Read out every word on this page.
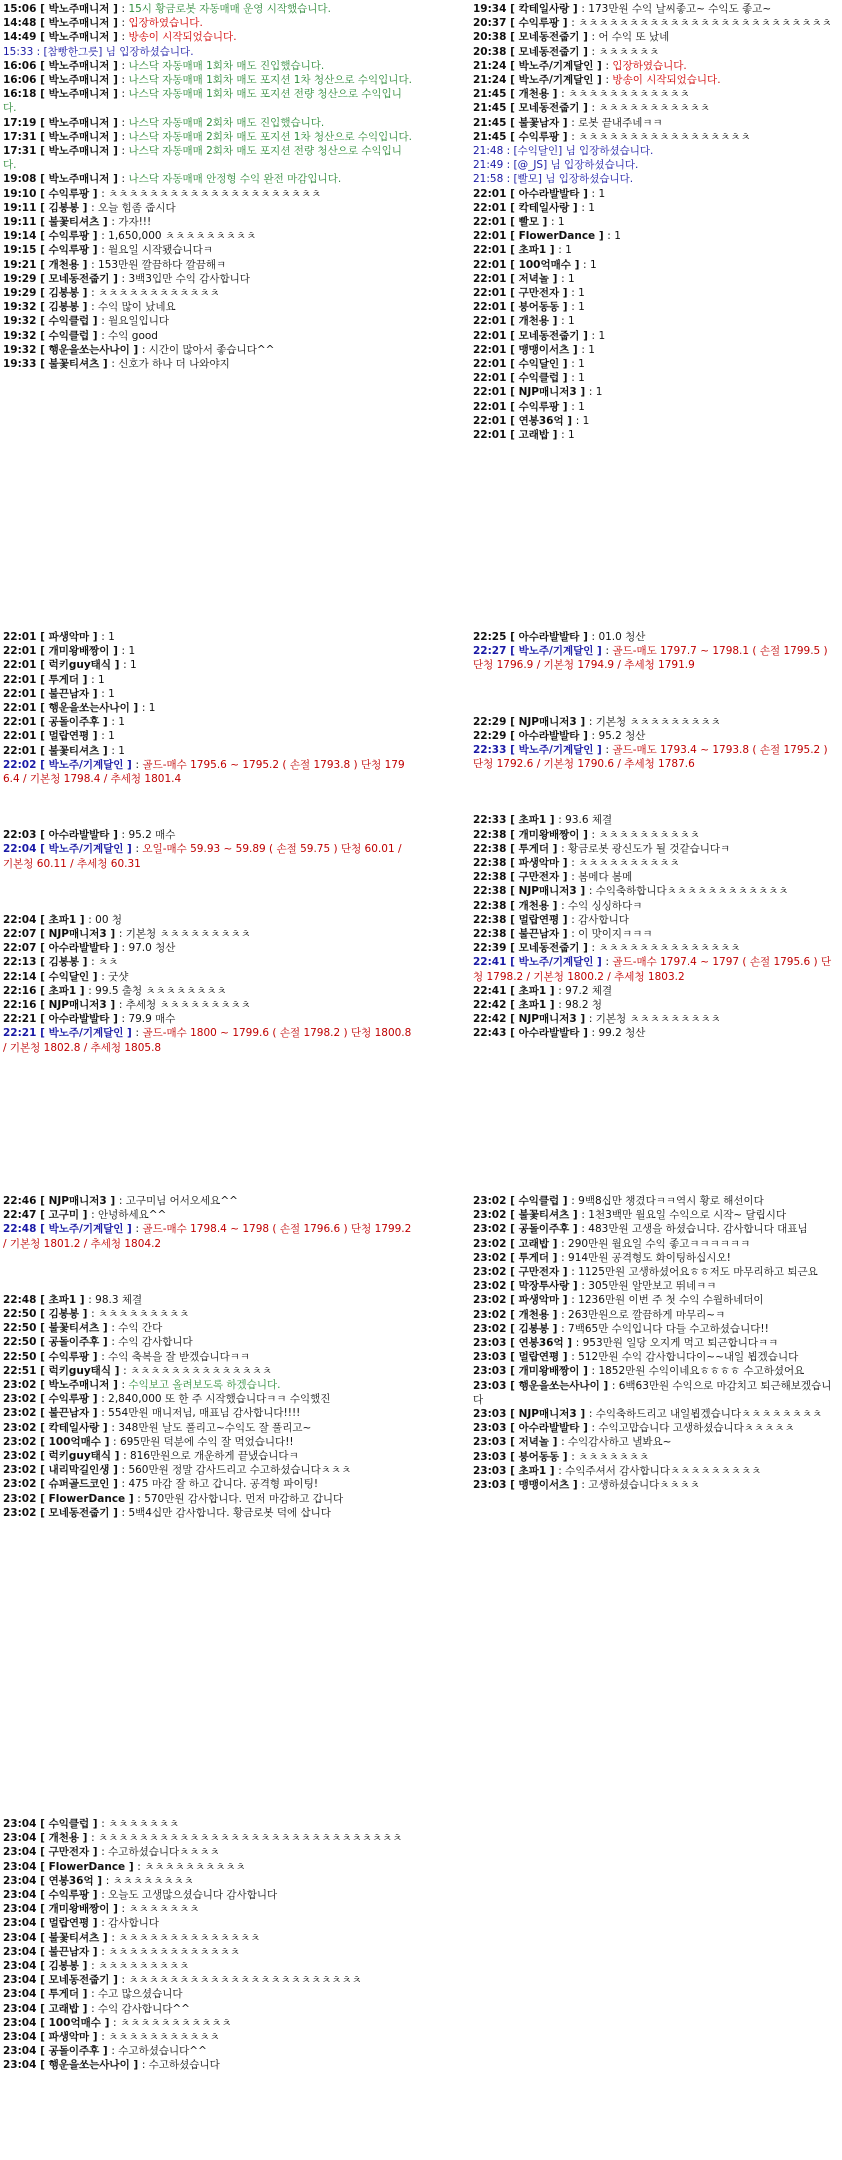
15:06 [ 박노주매니저 ] : 15시 황금로봇 자동매매 운영 시작했습니다.
14:48 [ 박노주매니저 ] : 입장하였습니다.
14:49 [ 박노주매니저 ] : 방송이 시작되었습니다.
15:33 : [참빵한그릇] 님 입장하셨습니다.
16:06 [ 박노주매니저 ] : 나스닥 자동매매 1회차 매도 진입했습니다.
16:06 [ 박노주매니저 ] : 나스닥 자동매매 1회차 매도 포지션 1차 청산으로 수익입니다.
16:18 [ 박노주매니저 ] : 나스닥 자동매매 1회차 매도 포지션 전량 청산으로 수익입니다.
17:19 [ 박노주매니저 ] : 나스닥 자동매매 2회차 매도 진입했습니다.
17:31 [ 박노주매니저 ] : 나스닥 자동매매 2회차 매도 포지션 1차 청산으로 수익입니다.
17:31 [ 박노주매니저 ] : 나스닥 자동매매 2회차 매도 포지션 전량 청산으로 수익입니다.
19:08 [ 박노주매니저 ] : 나스닥 자동매매 안정형 수익 완전 마감입니다.
19:10 [ 수익루팡 ] : ㅊㅊㅊㅊㅊㅊㅊㅊㅊㅊㅊㅊㅊㅊㅊㅊㅊㅊㅊㅊㅊ
19:11 [ 김봉봉 ] : 오늘 힘좀 줍시다
19:11 [ 불꽃티셔츠 ] : 가자!!!
19:14 [ 수익루팡 ] : 1,650,000 ㅊㅊㅊㅊㅊㅊㅊㅊㅊ
19:15 [ 수익루팡 ] : 월요일 시작됐습니다ㅋ
19:21 [ 개천용 ] : 153만원 깔끔하다 깔끔해ㅋ
19:29 [ 모네동전줍기 ] : 3백3입만 수익 감사합니다
19:29 [ 김봉봉 ] : ㅊㅊㅊㅊㅊㅊㅊㅊㅊㅊㅊㅊ
19:32 [ 김봉봉 ] : 수익 많이 났네요
19:32 [ 수익클럽 ] : 월요일입니다
19:32 [ 수익클럽 ] : 수익 good
19:32 [ 행운을쏘는사나이 ] : 시간이 많아서 좋습니다^^
19:33 [ 불꽃티셔츠 ] : 신호가 하나 더 나와야지
19:34 [ 칵테일사랑 ] : 173만원 수익 날씨좋고~ 수익도 좋고~
20:37 [ 수익루팡 ] : ㅊㅊㅊㅊㅊㅊㅊㅊㅊㅊㅊㅊㅊㅊㅊㅊㅊㅊㅊㅊㅊㅊㅊㅊㅊ
20:38 [ 모네동전줍기 ] : 어 수익 또 났네
20:38 [ 모네동전줍기 ] : ㅊㅊㅊㅊㅊㅊ
21:24 [ 박노주/기계달인 ] : 입장하였습니다.
21:24 [ 박노주/기계달인 ] : 방송이 시작되었습니다.
21:45 [ 개천용 ] : ㅊㅊㅊㅊㅊㅊㅊㅊㅊㅊㅊㅊ
21:45 [ 모네동전줍기 ] : ㅊㅊㅊㅊㅊㅊㅊㅊㅊㅊㅊ
21:45 [ 불꽃남자 ] : 로봇 끝내주네ㅋㅋ
21:45 [ 수익루팡 ] : ㅊㅊㅊㅊㅊㅊㅊㅊㅊㅊㅊㅊㅊㅊㅊㅊㅊ
21:48 : [수익달인] 님 입장하셨습니다.
21:49 : [@_JS] 님 입장하셨습니다.
21:58 : [빨모] 님 입장하셨습니다.
22:01 [ 아수라발발타 ] : 1
22:01 [ 칵테일사랑 ] : 1
22:01 [ 빨모 ] : 1
22:01 [ FlowerDance ] : 1
22:01 [ 초파1 ] : 1
22:01 [ 100억매수 ] : 1
22:01 [ 저녁놀 ] : 1
22:01 [ 구만전자 ] : 1
22:01 [ 붕어동동 ] : 1
22:01 [ 개천용 ] : 1
22:01 [ 모네동전줍기 ] : 1
22:01 [ 맹맹이서츠 ] : 1
22:01 [ 수익달인 ] : 1
22:01 [ 수익클럽 ] : 1
22:01 [ NJP매니저3 ] : 1
22:01 [ 수익루팡 ] : 1
22:01 [ 연봉36억 ] : 1
22:01 [ 고래밥 ] : 1
22:01 [ 파생악마 ] : 1
22:01 [ 개미왕배짱이 ] : 1
22:01 [ 럭키guy태식 ] : 1
22:01 [ 투게더 ] : 1
22:01 [ 불끈남자 ] : 1
22:01 [ 행운을쏘는사나이 ] : 1
22:01 [ 공돌이주후 ] : 1
22:01 [ 멀랍연평 ] : 1
22:01 [ 불꽃티셔츠 ] : 1
22:02 [ 박노주/기계달인 ] : 골드-매수 1795.6 ~ 1795.2 ( 손절 1793.8 ) 단청 1796.4 / 기본청 1798.4 / 추세청 1801.4
22:03 [ 아수라발발타 ] : 95.2 매수
22:04 [ 박노주/기계달인 ] : 오일-매수 59.93 ~ 59.89 ( 손절 59.75 ) 단청 60.01 / 기본청 60.11 / 추세청 60.31
22:04 [ 초파1 ] : 00 청
22:07 [ NJP매니저3 ] : 기본청 ㅊㅊㅊㅊㅊㅊㅊㅊㅊ
22:07 [ 아수라발발타 ] : 97.0 청산
22:13 [ 김봉봉 ] : ㅊㅊ
22:14 [ 수익달인 ] : 굿샷
22:16 [ 초파1 ] : 99.5 출청 ㅊㅊㅊㅊㅊㅊㅊㅊ
22:16 [ NJP매니저3 ] : 추세청 ㅊㅊㅊㅊㅊㅊㅊㅊㅊ
22:21 [ 아수라발발타 ] : 79.9 매수
22:21 [ 박노주/기계달인 ] : 골드-매수 1800 ~ 1799.6 ( 손절 1798.2 ) 단청 1800.8 / 기본청 1802.8 / 추세청 1805.8
22:25 [ 아수라발발타 ] : 01.0 청산
22:27 [ 박노주/기계달인 ] : 골드-매도 1797.7 ~ 1798.1 ( 손절 1799.5 ) 단청 1796.9 / 기본청 1794.9 / 추세청 1791.9
22:29 [ NJP매니저3 ] : 기본청 ㅊㅊㅊㅊㅊㅊㅊㅊㅊ
22:29 [ 아수라발발타 ] : 95.2 청산
22:33 [ 박노주/기계달인 ] : 골드-매도 1793.4 ~ 1793.8 ( 손절 1795.2 ) 단청 1792.6 / 기본청 1790.6 / 추세청 1787.6
22:33 [ 초파1 ] : 93.6 체결
22:38 [ 개미왕배짱이 ] : ㅊㅊㅊㅊㅊㅊㅊㅊㅊㅊ
22:38 [ 투게더 ] : 황금로봇 광신도가 될 것같습니다ㅋ
22:38 [ 파생악마 ] : ㅊㅊㅊㅊㅊㅊㅊㅊㅊㅊ
22:38 [ 구만전자 ] : 봄메다 봄메
22:38 [ NJP매니저3 ] : 수익축하합니다ㅊㅊㅊㅊㅊㅊㅊㅊㅊㅊㅊㅊ
22:38 [ 개천용 ] : 수익 싱싱하다ㅋ
22:38 [ 멀랍연평 ] : 감사합니다
22:38 [ 불끈남자 ] : 이 맛이지ㅋㅋㅋ
22:39 [ 모네동전줍기 ] : ㅊㅊㅊㅊㅊㅊㅊㅊㅊㅊㅊㅊㅊㅊ
22:41 [ 박노주/기계달인 ] : 골드-매수 1797.4 ~ 1797 ( 손절 1795.6 ) 단청 1798.2 / 기본청 1800.2 / 추세청 1803.2
22:41 [ 초파1 ] : 97.2 체결
22:42 [ 초파1 ] : 98.2 청
22:42 [ NJP매니저3 ] : 기본청 ㅊㅊㅊㅊㅊㅊㅊㅊㅊ
22:43 [ 아수라발발타 ] : 99.2 청산
22:46 [ NJP매니저3 ] : 고구미님 어서오세요^^
22:47 [ 고구미 ] : 안녕하세요^^
22:48 [ 박노주/기계달인 ] : 골드-매수 1798.4 ~ 1798 ( 손절 1796.6 ) 단청 1799.2 / 기본청 1801.2 / 추세청 1804.2
22:48 [ 초파1 ] : 98.3 체결
22:50 [ 김봉봉 ] : ㅊㅊㅊㅊㅊㅊㅊㅊㅊ
22:50 [ 불꽃티셔츠 ] : 수익 간다
22:50 [ 공돌이주후 ] : 수익 감사합니다
22:50 [ 수익루팡 ] : 수익 축복을 잘 받겠습니다ㅋㅋ
22:51 [ 럭키guy태식 ] : ㅊㅊㅊㅊㅊㅊㅊㅊㅊㅊㅊㅊㅊㅊ
23:02 [ 박노주매니저 ] : 수익보고 올려보도록 하겠습니다.
23:02 [ 수익루팡 ] : 2,840,000 또 한 주 시작했습니다ㅋㅋ 수익했진
23:02 [ 불끈남자 ] : 554만원 매니저님, 매표님 감사합니다!!!!
23:02 [ 칵테일사랑 ] : 348만원 날도 풀리고~수익도 잘 풀리고~
23:02 [ 100억매수 ] : 695만원 덕분에 수익 잘 먹었습니다!!
23:02 [ 럭키guy태식 ] : 816만원으로 개운하게 끝냈습니다ㅋ
23:02 [ 내리막길인생 ] : 560만원 정말 감사드리고 수고하셨습니다ㅊㅊㅊ
23:02 [ 슈퍼골드코인 ] : 475 마감 잘 하고 갑니다. 공격형 파이팅!
23:02 [ FlowerDance ] : 570만원 감사합니다. 먼저 마감하고 갑니다
23:02 [ 모네동전줍기 ] : 5백4십만 감사합니다. 황금로봇 덕에 삽니다
23:02 [ 수익클럽 ] : 9백8십만 챙겼다ㅋㅋ역시 황로 해선이다
23:02 [ 불꽃티셔츠 ] : 1천3백만 월요일 수익으로 시작~ 달립시다
23:02 [ 공돌이주후 ] : 483만원 고생을 하셨습니다. 감사합니다 대표님
23:02 [ 고래밥 ] : 290만원 월요일 수익 좋고ㅋㅋㅋㅋㅋㅋ
23:02 [ 투게더 ] : 914만원 공격형도 화이팅하십시오!
23:02 [ 구만전자 ] : 1125만원 고생하셨어요ㅎㅎ저도 마무리하고 퇴근요
23:02 [ 막장투사랑 ] : 305만원 알만보고 뛰네ㅋㅋ
23:02 [ 파생악마 ] : 1236만원 이번 주 첫 수익 수월하네더이
23:02 [ 개천용 ] : 263만원으로 깔끔하게 마무리~ㅋ
23:02 [ 김봉봉 ] : 7백65만 수익입니다 다들 수고하셨습니다!!
23:03 [ 연봉36억 ] : 953만원 일당 오지게 먹고 퇴근합니다ㅋㅋ
23:03 [ 멀랍연평 ] : 512만원 수익 감사합니다이~~내일 뵙겠습니다
23:03 [ 개미왕배짱이 ] : 1852만원 수익이네요ㅎㅎㅎㅎ 수고하셨어요
23:03 [ 행운을쏘는사나이 ] : 6백63만원 수익으로 마감치고 퇴근해보겠습니다
23:03 [ NJP매니저3 ] : 수익축하드리고 내일뵙겠습니다ㅊㅊㅊㅊㅊㅊㅊㅊ
23:03 [ 아수라발발타 ] : 수익고맙습니다 고생하셨습니다ㅊㅊㅊㅊㅊ
23:03 [ 저녁놀 ] : 수익감사하고 낼봐요~
23:03 [ 붕어동동 ] : ㅊㅊㅊㅊㅊㅊㅊ
23:03 [ 초파1 ] : 수익주셔서 감사합니다ㅊㅊㅊㅊㅊㅊㅊㅊㅊ
23:03 [ 맹맹이서츠 ] : 고생하셨습니다ㅊㅊㅊㅊ
23:04 [ 수익클럽 ] : ㅊㅊㅊㅊㅊㅊㅊ
23:04 [ 개천용 ] : ㅊㅊㅊㅊㅊㅊㅊㅊㅊㅊㅊㅊㅊㅊㅊㅊㅊㅊㅊㅊㅊㅊㅊㅊㅊㅊㅊㅊㅊㅊ
23:04 [ 구만전자 ] : 수고하셨습니다ㅊㅊㅊㅊ
23:04 [ FlowerDance ] : ㅊㅊㅊㅊㅊㅊㅊㅊㅊㅊ
23:04 [ 연봉36억 ] : ㅊㅊㅊㅊㅊㅊㅊㅊ
23:04 [ 수익루팡 ] : 오늘도 고생많으셨습니다 감사합니다
23:04 [ 개미왕배짱이 ] : ㅊㅊㅊㅊㅊㅊㅊ
23:04 [ 멀랍연평 ] : 감사합니다
23:04 [ 불꽃티셔츠 ] : ㅊㅊㅊㅊㅊㅊㅊㅊㅊㅊㅊㅊㅊㅊ
23:04 [ 불끈남자 ] : ㅊㅊㅊㅊㅊㅊㅊㅊㅊㅊㅊㅊㅊ
23:04 [ 김봉봉 ] : ㅊㅊㅊㅊㅊㅊㅊㅊㅊ
23:04 [ 모네동전줍기 ] : ㅊㅊㅊㅊㅊㅊㅊㅊㅊㅊㅊㅊㅊㅊㅊㅊㅊㅊㅊㅊㅊㅊㅊ
23:04 [ 투게더 ] : 수고 많으셨습니다
23:04 [ 고래밥 ] : 수익 감사합니다^^
23:04 [ 100억매수 ] : ㅊㅊㅊㅊㅊㅊㅊㅊㅊㅊㅊ
23:04 [ 파생악마 ] : ㅊㅊㅊㅊㅊㅊㅊㅊㅊㅊㅊ
23:04 [ 공돌이주후 ] : 수고하셨습니다^^
23:04 [ 행운을쏘는사나이 ] : 수고하셨습니다
